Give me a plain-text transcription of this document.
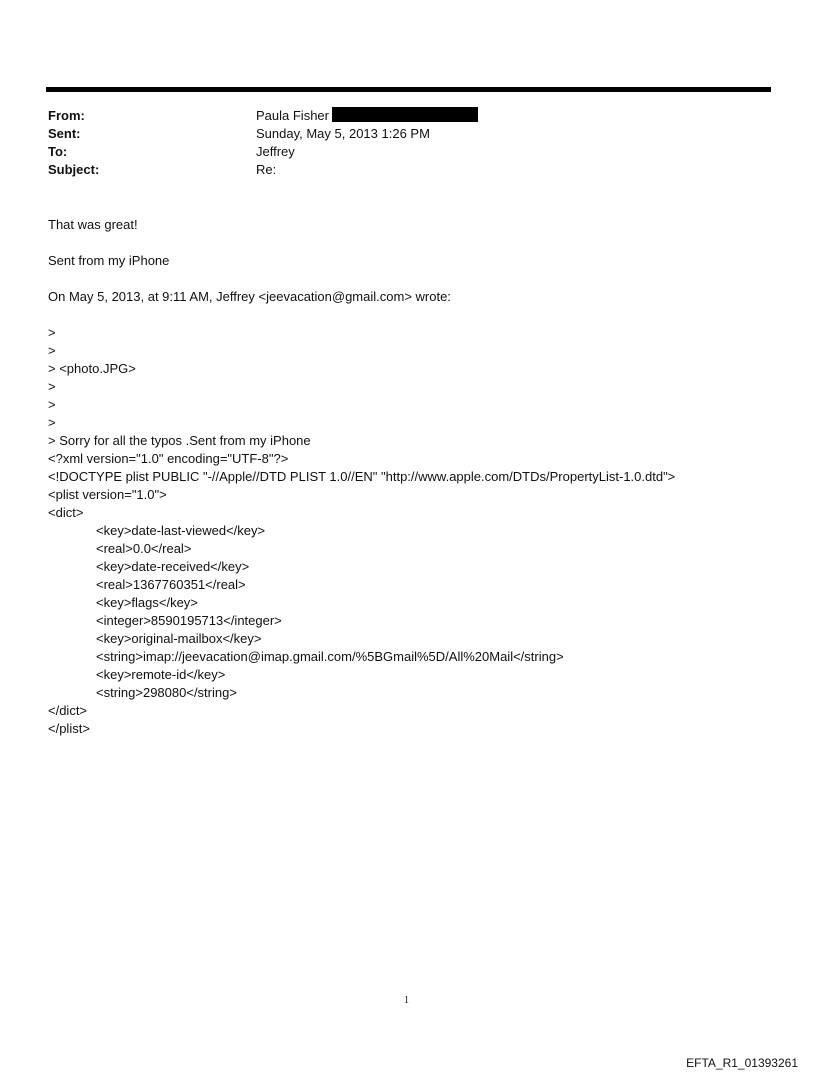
From:	Paula Fisher
Sent:	Sunday, May 5, 2013 1:26 PM
To:	Jeffrey
Subject:	Re:
That was great!
Sent from my iPhone
On May 5, 2013, at 9:11 AM, Jeffrey <jeevacation@gmail.com> wrote:
>
>
> <photo.JPG>
>
>
>
> Sorry for all the typos .Sent from my iPhone
<?xml version="1.0" encoding="UTF-8"?>
<!DOCTYPE plist PUBLIC "-//Apple//DTD PLIST 1.0//EN" "http://www.apple.com/DTDs/PropertyList-1.0.dtd">
<plist version="1.0">
<dict>
<key>date-last-viewed</key>
<real>0.0</real>
<key>date-received</key>
<real>1367760351</real>
<key>flags</key>
<integer>8590195713</integer>
<key>original-mailbox</key>
<string>imap://jeevacation@imap.gmail.com/%5BGmail%5D/All%20Mail</string>
<key>remote-id</key>
<string>298080</string>
</dict>
</plist>
1
EFTA_R1_01393261
